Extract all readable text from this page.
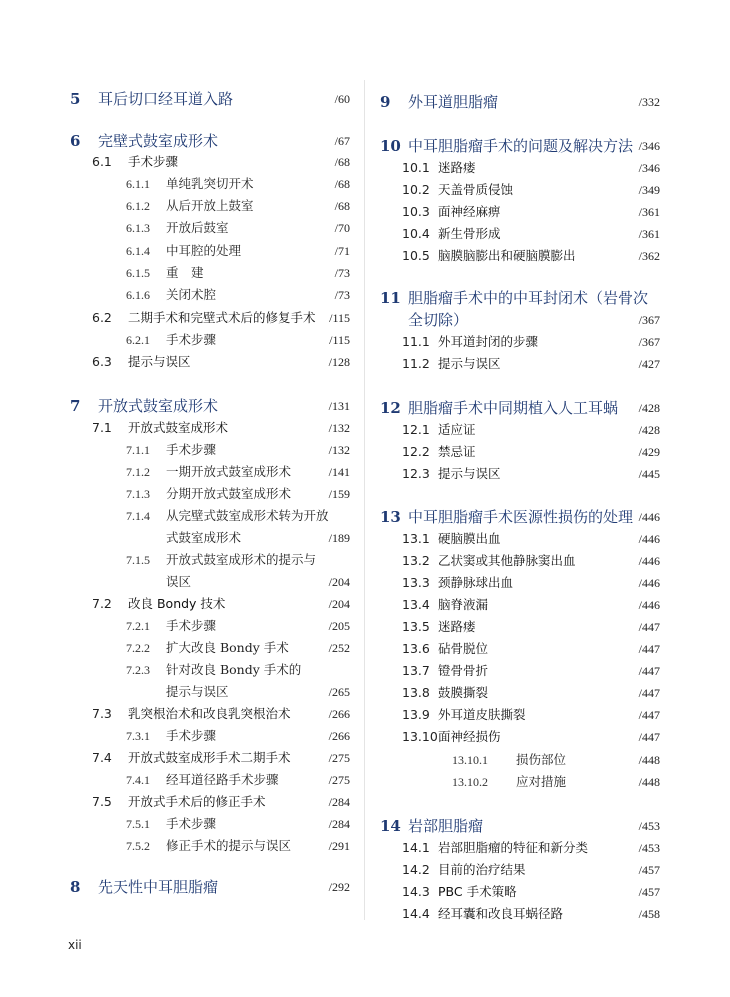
5 耳后切口经耳道入路	/60
6 完壁式鼓室成形术	/67
6.1 手术步骤	/68
6.1.1 单纯乳突切开术	/68
6.1.2 从后开放上鼓室	/68
6.1.3 开放后鼓室	/70
6.1.4 中耳腔的处理	/71
6.1.5 重　建	/73
6.1.6 关闭术腔	/73
6.2 二期手术和完壁式术后的修复手术 /115
6.2.1 手术步骤	/115
6.3 提示与误区	/128
7 开放式鼓室成形术	/131
7.1 开放式鼓室成形术	/132
7.1.1 手术步骤	/132
7.1.2 一期开放式鼓室成形术	/141
7.1.3 分期开放式鼓室成形术	/159
7.1.4 从完壁式鼓室成形术转为开放
式鼓室成形术	/189
7.1.5 开放式鼓室成形术的提示与
误区	/204
7.2 改良 Bondy 技术	/204
7.2.1 手术步骤	/205
7.2.2 扩大改良 Bondy 手术	/252
7.2.3 针对改良 Bondy 手术的
提示与误区	/265
7.3 乳突根治术和改良乳突根治术	/266
7.3.1 手术步骤	/266
7.4 开放式鼓室成形手术二期手术	/275
7.4.1 经耳道径路手术步骤	/275
7.5 开放式手术后的修正手术	/284
7.5.1 手术步骤	/284
7.5.2 修正手术的提示与误区	/291
8 先天性中耳胆脂瘤	/292
9 外耳道胆脂瘤	/332
10 中耳胆脂瘤手术的问题及解决方法 /346
10.1 迷路瘘	/346
10.2 天盖骨质侵蚀	/349
10.3 面神经麻痹	/361
10.4 新生骨形成	/361
10.5 脑膜脑膨出和硬脑膜膨出	/362
11 胆脂瘤手术中的中耳封闭术（岩骨次
全切除）	/367
11.1 外耳道封闭的步骤	/367
11.2 提示与误区	/427
12 胆脂瘤手术中同期植入人工耳蜗 /428
12.1 适应证	/428
12.2 禁忌证	/429
12.3 提示与误区	/445
13 中耳胆脂瘤手术医源性损伤的处理 /446
13.1 硬脑膜出血	/446
13.2 乙状窦或其他静脉窦出血	/446
13.3 颈静脉球出血	/446
13.4 脑脊液漏	/446
13.5 迷路瘘	/447
13.6 砧骨脱位	/447
13.7 镫骨骨折	/447
13.8 鼓膜撕裂	/447
13.9 外耳道皮肤撕裂	/447
13.10 面神经损伤	/447
13.10.1 损伤部位	/448
13.10.2 应对措施	/448
14 岩部胆脂瘤	/453
14.1 岩部胆脂瘤的特征和新分类	/453
14.2 目前的治疗结果	/457
14.3 PBC 手术策略	/457
14.4 经耳囊和改良耳蜗径路	/458
xii
